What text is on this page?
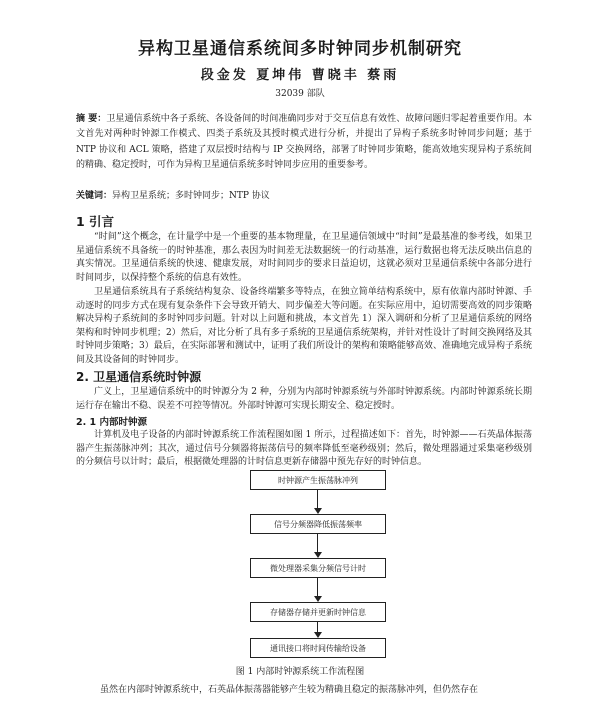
异构卫星通信系统间多时钟同步机制研究
段金发 夏坤伟 曹晓丰 蔡雨
32039 部队
摘 要：卫星通信系统中各子系统、各设备间的时间准确同步对于交互信息有效性、故障问题归零起着重要作用。本文首先对两种时钟源工作模式、四类子系统及其授时模式进行分析，并提出了异构子系统多时钟同步问题；基于 NTP 协议和 ACL 策略，搭建了双层授时结构与 IP 交换网络，部署了时钟同步策略，能高效地实现异构子系统间的精确、稳定授时，可作为异构卫星通信系统多时钟同步应用的重要参考。
关键词：异构卫星系统；多时钟同步；NTP 协议
1 引言
“时间”这个概念，在计量学中是一个重要的基本物理量，在卫星通信领域中“时间”是最基准的参考线，如果卫星通信系统不具备统一的时钟基准，那么表因为时间差无法数据统一的行动基准，运行数据也将无法反映出信息的真实情况。卫星通信系统的快速、健康发展，对时间同步的要求日益迫切，这就必须对卫星通信系统中各部分进行时间同步，以保持整个系统的信息有效性。
卫星通信系统具有子系统结构复杂、设备终端繁多等特点，在独立简单结构系统中，原有依靠内部时钟源、手动逐时的同步方式在现有复杂条件下会导致开销大、同步偏差大等问题。在实际应用中，迫切需要高效的同步策略解决异构子系统间的多时钟同步问题。针对以上问题和挑战，本文首先 1）深入调研和分析了卫星通信系统的网络架构和时钟同步机理；2）然后，对比分析了具有多子系统的卫星通信系统架构，并针对性设计了时间交换网络及其时钟同步策略；3）最后，在实际部署和测试中，证明了我们所设计的架构和策略能够高效、准确地完成异构子系统间及其设备间的时钟同步。
2. 卫星通信系统时钟源
广义上，卫星通信系统中的时钟源分为 2 种，分别为内部时钟源系统与外部时钟源系统。内部时钟源系统长期运行存在输出不稳、误差不可控等情况。外部时钟源可实现长期安全、稳定授时。
2. 1 内部时钟源
计算机及电子设备的内部时钟源系统工作流程图如图 1 所示，过程描述如下：首先，时钟源——石英晶体振荡器产生振荡脉冲列；其次，通过信号分频器将振荡信号的频率降低至毫秒级别；然后，微处理器通过采集毫秒级别的分频信号以计时；最后，根据微处理器的计时信息更新存储器中预先存好的时钟信息。
时钟源产生振荡脉冲列
信号分频器降低振荡频率
微处理器采集分频信号计时
存储器存储并更新时钟信息
通讯接口将时间传输给设备
图 1 内部时钟源系统工作流程图
虽然在内部时钟源系统中，石英晶体振荡器能够产生较为精确且稳定的振荡脉冲列，但仍然存在
